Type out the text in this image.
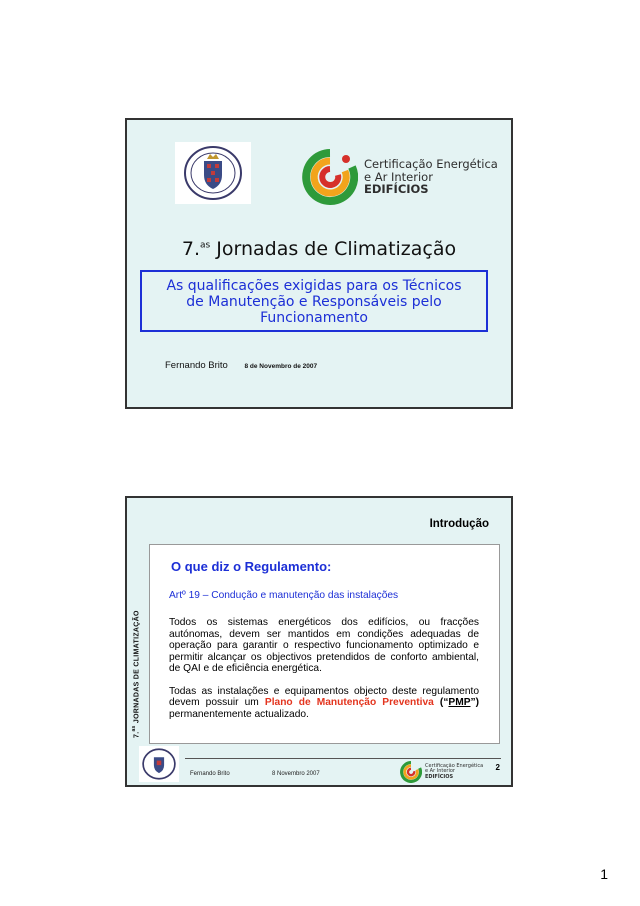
Certificação Energética
e Ar Interior
EDIFÍCIOS
7.$^{as}$ Jornadas de Climatização
As qualificações exigidas para os Técnicos
de Manutenção e Responsáveis pelo
Funcionamento
Fernando Brito	8 de Novembro de 2007
Introdução
7.$^{as}$ JORNADAS DE CLIMATIZAÇÃO
O que diz o Regulamento:
Artº 19 – Condução e manutenção das instalações
Todos os sistemas energéticos dos edifícios, ou fracções autónomas, devem ser mantidos em condições adequadas de operação para garantir o respectivo funcionamento optimizado e permitir alcançar os objectivos pretendidos de conforto ambiental, de QAI e de eficiência energética.
Todas as instalações e equipamentos objecto deste regulamento devem possuir um Plano de Manutenção Preventiva (“PMP”) permanentemente actualizado.
Fernando Brito	8 Novembro 2007
Certificação Energética
e Ar Interior
EDIFÍCIOS
2
1
